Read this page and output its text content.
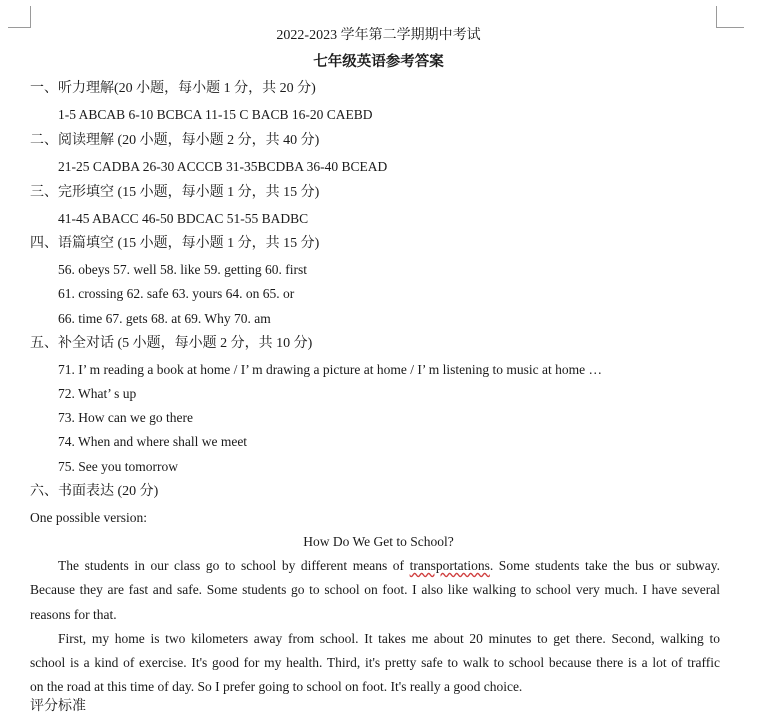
2022-2023 学年第二学期期中考试
七年级英语参考答案
一、听力理解(20 小题，每小题 1 分，共 20 分)
1-5 ABCAB 6-10 BCBCA 11-15 C BACB 16-20 CAEBD
二、阅读理解 (20 小题，每小题 2 分，共 40 分)
21-25 CADBA 26-30 ACCCB 31-35BCDBA 36-40 BCEAD
三、完形填空 (15 小题，每小题 1 分，共 15 分)
41-45 ABACC 46-50 BDCAC 51-55 BADBC
四、语篇填空 (15 小题，每小题 1 分，共 15 分)
56. obeys 57. well 58. like 59. getting 60. first
61. crossing 62. safe 63. yours 64. on 65. or
66. time 67. gets 68. at 69. Why 70. am
五、补全对话 (5 小题，每小题 2 分，共 10 分)
71. I’ m reading a book at home / I’ m drawing a picture at home / I’ m listening to music at home …
72. What’ s up
73. How can we go there
74. When and where shall we meet
75. See you tomorrow
六、书面表达 (20 分)
One possible version:
How Do We Get to School?
The students in our class go to school by different means of transportations. Some students take the bus or subway.
Because they are fast and safe. Some students go to school on foot. I also like walking to school very much. I have several
reasons for that.
First, my home is two kilometers away from school. It takes me about 20 minutes to get there. Second, walking to
school is a kind of exercise. It's good for my health. Third, it's pretty safe to walk to school because there is a lot of traffic
on the road at this time of day. So I prefer going to school on foot. It's really a good choice.
评分标准
